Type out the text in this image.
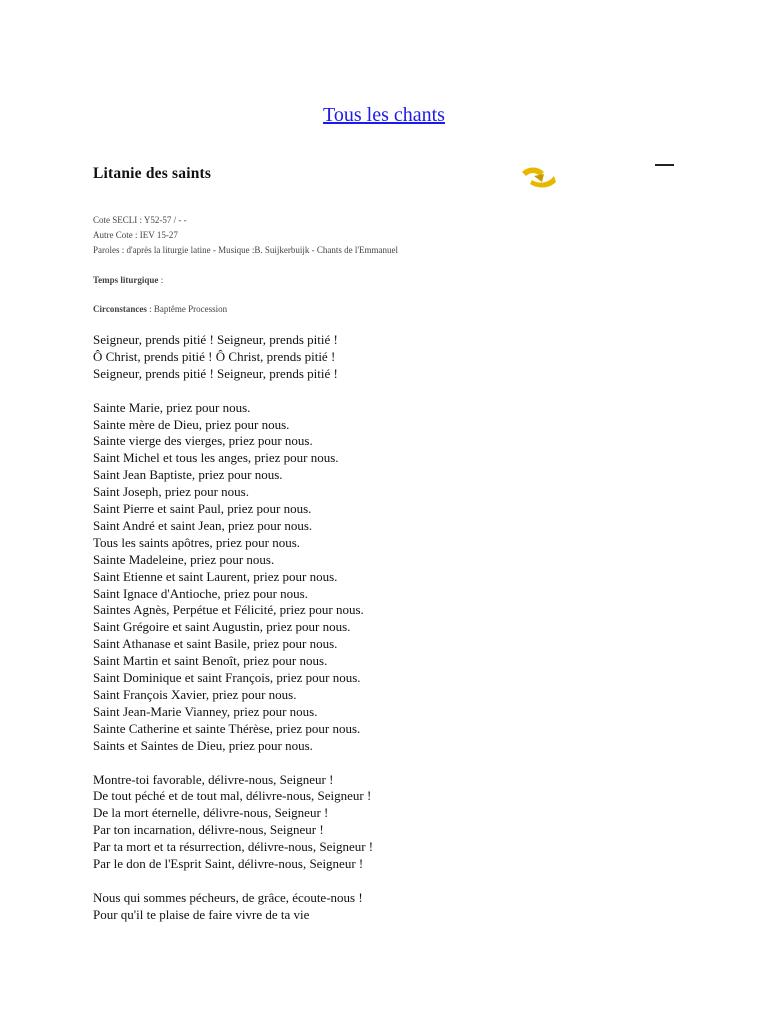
Tous les chants
Litanie des saints
Cote SECLI : Y52-57 / - -
Autre Cote : IEV 15-27
Paroles : d'après la liturgie latine - Musique :B. Suijkerbuijk - Chants de l'Emmanuel
Temps liturgique :
Circonstances : Baptême Procession
Seigneur, prends pitié ! Seigneur, prends pitié !
Ô Christ, prends pitié ! Ô Christ, prends pitié !
Seigneur, prends pitié ! Seigneur, prends pitié !
Sainte Marie, priez pour nous.
Sainte mère de Dieu, priez pour nous.
Sainte vierge des vierges, priez pour nous.
Saint Michel et tous les anges, priez pour nous.
Saint Jean Baptiste, priez pour nous.
Saint Joseph, priez pour nous.
Saint Pierre et saint Paul, priez pour nous.
Saint André et saint Jean, priez pour nous.
Tous les saints apôtres, priez pour nous.
Sainte Madeleine, priez pour nous.
Saint Etienne et saint Laurent, priez pour nous.
Saint Ignace d'Antioche, priez pour nous.
Saintes Agnès, Perpétue et Félicité, priez pour nous.
Saint Grégoire et saint Augustin, priez pour nous.
Saint Athanase et saint Basile, priez pour nous.
Saint Martin et saint Benoît, priez pour nous.
Saint Dominique et saint François, priez pour nous.
Saint François Xavier, priez pour nous.
Saint Jean-Marie Vianney, priez pour nous.
Sainte Catherine et sainte Thérèse, priez pour nous.
Saints et Saintes de Dieu, priez pour nous.
Montre-toi favorable, délivre-nous, Seigneur !
De tout péché et de tout mal, délivre-nous, Seigneur !
De la mort éternelle, délivre-nous, Seigneur !
Par ton incarnation, délivre-nous, Seigneur !
Par ta mort et ta résurrection, délivre-nous, Seigneur !
Par le don de l'Esprit Saint, délivre-nous, Seigneur !
Nous qui sommes pécheurs, de grâce, écoute-nous !
Pour qu'il te plaise de faire vivre de ta vie
